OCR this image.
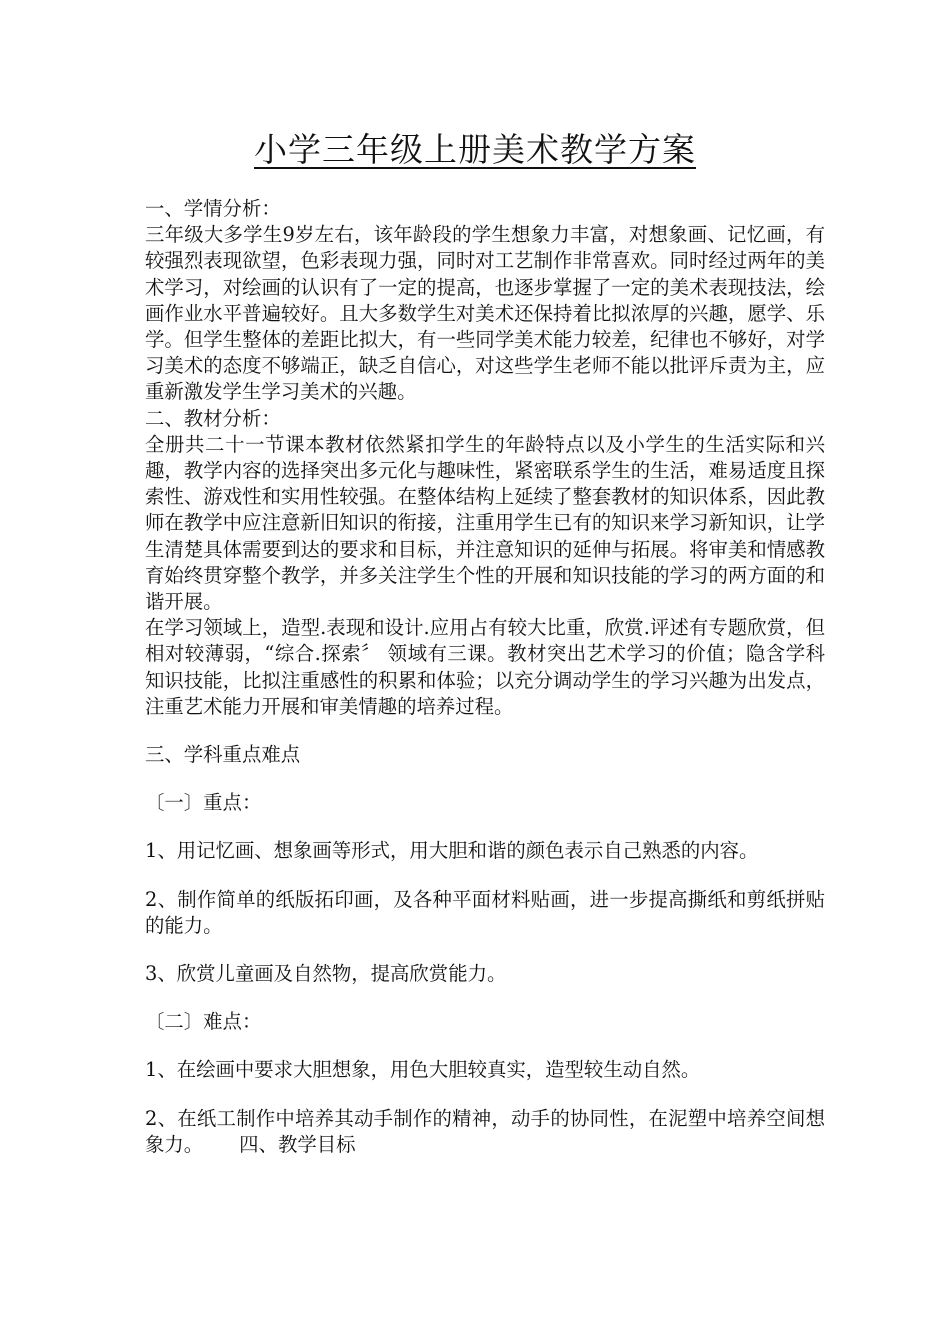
小学三年级上册美术教学方案

一、学情分析：

三年级大多学生9岁左右，该年龄段的学生想象力丰富，对想象画、记忆画，有较强烈表现欲望，色彩表现力强，同时对工艺制作非常喜欢。同时经过两年的美术学习，对绘画的认识有了一定的提高，也逐步掌握了一定的美术表现技法，绘画作业水平普遍较好。且大多数学生对美术还保持着比拟浓厚的兴趣，愿学、乐学。但学生整体的差距比拟大，有一些同学美术能力较差，纪律也不够好，对学习美术的态度不够端正，缺乏自信心，对这些学生老师不能以批评斥责为主，应重新激发学生学习美术的兴趣。

二、教材分析：

全册共二十一节课本教材依然紧扣学生的年龄特点以及小学生的生活实际和兴趣，教学内容的选择突出多元化与趣味性，紧密联系学生的生活，难易适度且探索性、游戏性和实用性较强。在整体结构上延续了整套教材的知识体系，因此教师在教学中应注意新旧知识的衔接，注重用学生已有的知识来学习新知识，让学生清楚具体需要到达的要求和目标，并注意知识的延伸与拓展。将审美和情感教育始终贯穿整个教学，并多关注学生个性的开展和知识技能的学习的两方面的和谐开展。

在学习领域上，造型.表现和设计.应用占有较大比重，欣赏.评述有专题欣赏，但相对较薄弱，“综合.探索〞 领域有三课。教材突出艺术学习的价值；隐含学科知识技能，比拟注重感性的积累和体验；以充分调动学生的学习兴趣为出发点，注重艺术能力开展和审美情趣的培养过程。

三、学科重点难点

〔一〕重点：

1、用记忆画、想象画等形式，用大胆和谐的颜色表示自己熟悉的内容。

2、制作简单的纸版拓印画，及各种平面材料贴画，进一步提高撕纸和剪纸拼贴的能力。

3、欣赏儿童画及自然物，提高欣赏能力。

〔二〕难点：

1、在绘画中要求大胆想象，用色大胆较真实，造型较生动自然。

2、在纸工制作中培养其动手制作的精神，动手的协同性，在泥塑中培养空间想象力。 四、教学目标
